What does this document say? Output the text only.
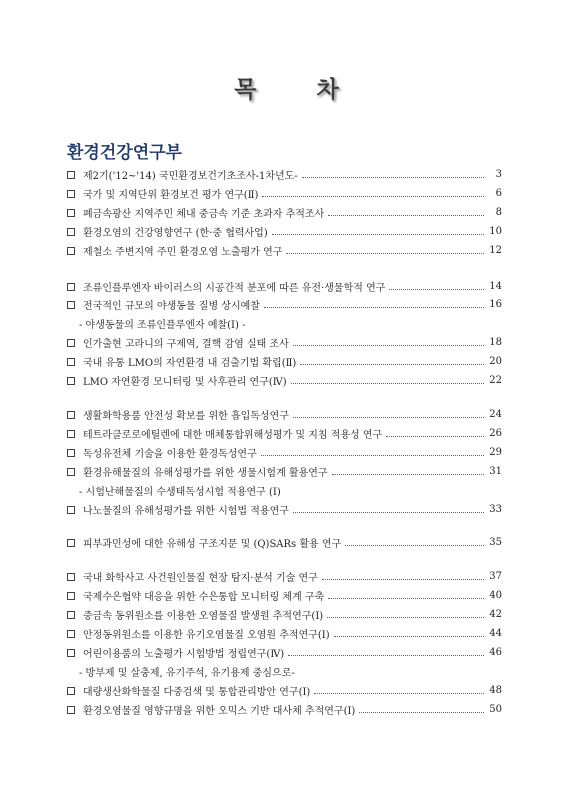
목	차
환경건강연구부
제2기('12~'14) 국민환경보건기초조사-1차년도-	3
국가 및 지역단위 환경보건 평가 연구(Ⅱ)	6
폐금속광산 지역주민 체내 중금속 기준 초과자 추적조사	8
환경오염의 건강영향연구 (한·중 협력사업)	10
제철소 주변지역 주민 환경오염 노출평가 연구	12
조류인플루엔자 바이러스의 시공간적 분포에 따른 유전·생물학적 연구	14
전국적인 규모의 야생동물 질병 상시예찰	16
- 야생동물의 조류인플루엔자 예찰(Ⅰ) -
인가출현 고라니의 구제역, 결핵 감염 실태 조사	18
국내 유통 LMO의 자연환경 내 검출기법 확립(Ⅱ)	20
LMO 자연환경 모니터링 및 사후관리 연구(Ⅳ)	22
생활화학용품 안전성 확보를 위한 흡입독성연구	24
테트라클로로에틸렌에 대한 매체통합위해성평가 및 지침 적용성 연구	26
독성유전체 기술을 이용한 환경독성연구	29
환경유해물질의 유해성평가를 위한 생물시험계 활용연구	31
- 시험난해물질의 수생태독성시험 적용연구 (Ⅰ)
나노물질의 유해성평가를 위한 시험법 적용연구	33
피부과민성에 대한 유해성 구조지문 및 (Q)SARs 활용 연구	35
국내 화학사고 사건원인물질 현장 탐지·분석 기술 연구	37
국제수은협약 대응을 위한 수은통합 모니터링 체계 구축	40
중금속 동위원소를 이용한 오염물질 발생원 추적연구(Ⅰ)	42
안정동위원소를 이용한 유기오염물질 오염원 추적연구(Ⅰ)	44
어린이용품의 노출평가 시험방법 정립연구(Ⅳ)	46
- 방부제 및 살충제, 유기주석, 유기용제 중심으로-
대량생산화학물질 다중검색 및 통합관리방안 연구(Ⅰ)	48
환경오염물질 영향규명을 위한 오믹스 기반 대사체 추적연구(Ⅰ)	50
